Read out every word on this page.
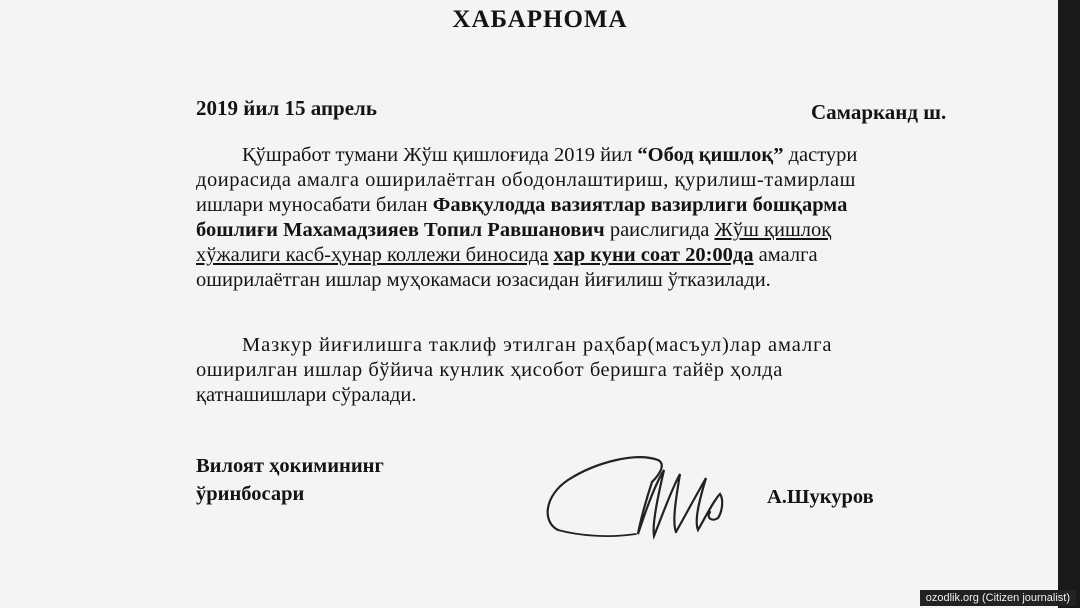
ХАБАРНОМА
2019 йил 15 апрель	Самарканд ш.
Қўшработ тумани Жўш қишлоғида 2019 йил “Обод қишлоқ” дастури
доирасида амалга оширилаётган ободонлаштириш, қурилиш-тамирлаш
ишлари муносабати билан Фавқулодда вазиятлар вазирлиги бошқарма
бошлиғи Махамадзияев Топил Равшанович раислигида Жўш қишлоқ
хўжалиги касб-ҳунар коллежи биносида хар куни соат 20:00да амалга
оширилаётган ишлар муҳокамаси юзасидан йиғилиш ўтказилади.
Мазкур йиғилишга таклиф этилган раҳбар(масъул)лар амалга
оширилган ишлар бўйича кунлик ҳисобот беришга тайёр ҳолда
қатнашишлари сўралади.
Вилоят ҳокимининг
ўринбосари	А.Шукуров
ozodlik.org (Citizen journalist)
